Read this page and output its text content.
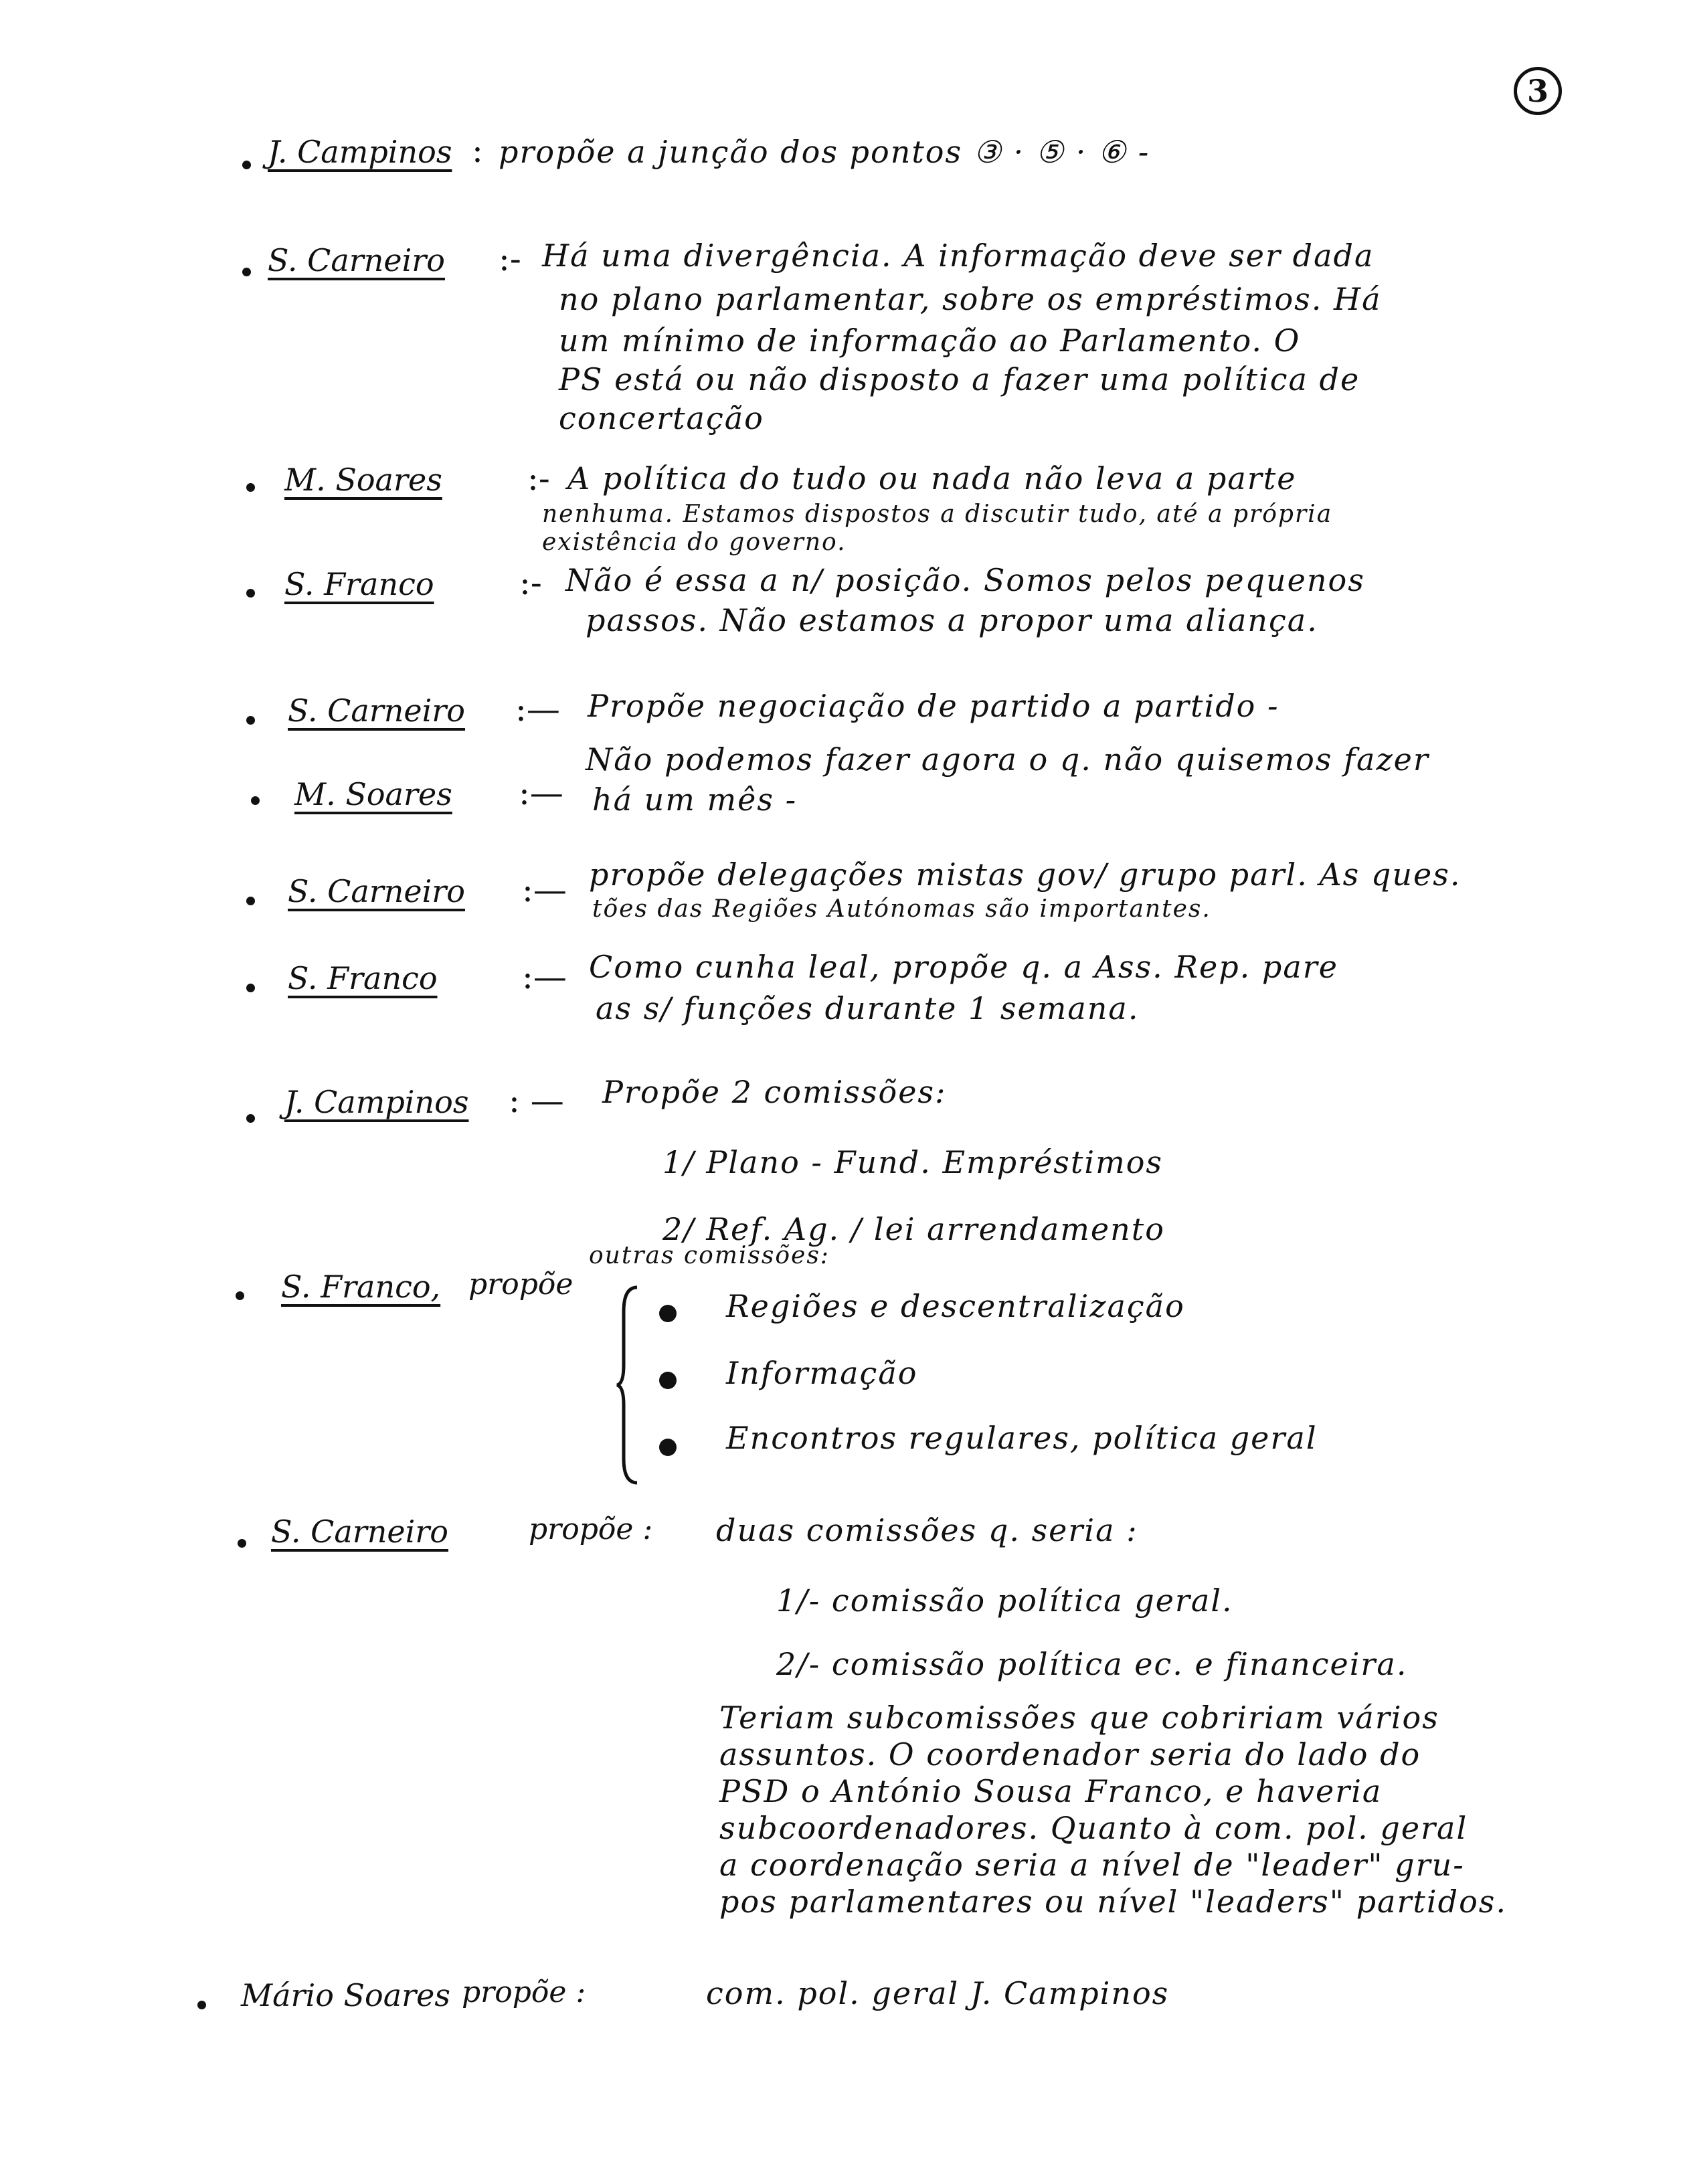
3
J. Campinos : propõe a junção dos pontos ③ · ⑤ · ⑥ -
S. Carneiro :- Há uma divergência. A informação deve ser dada
no plano parlamentar, sobre os empréstimos. Há
um mínimo de informação ao Parlamento. O
PS está ou não disposto a fazer uma política de
concertação
M. Soares	:- A política do tudo ou nada não leva a parte
nenhuma. Estamos dispostos a discutir tudo, até a própria
existência do governo.
S. Franco	:- Não é essa a n/ posição. Somos pelos pequenos
passos. Não estamos a propor uma aliança.
S. Carneiro :— Propõe negociação de partido a partido -
M. Soares :—
Não podemos fazer agora o q. não quisemos fazer
há um mês -
S. Carneiro :— propõe delegações mistas gov/ grupo parl. As ques.
tões das Regiões Autónomas são importantes.
S. Franco	:— Como cunha leal, propõe q. a Ass. Rep. pare
as s/ funções durante 1 semana.
J. Campinos : — Propõe 2 comissões:
1/ Plano - Fund. Empréstimos
2/ Ref. Ag. / lei arrendamento
S. Franco, propõe
outras comissões:
Regiões e descentralização
Informação
Encontros regulares, política geral
S. Carneiro	propõe : duas comissões q. seria :
1/- comissão política geral.
2/- comissão política ec. e financeira.
Teriam subcomissões que cobririam vários
assuntos. O coordenador seria do lado do
PSD o António Sousa Franco, e haveria
subcoordenadores. Quanto à com. pol. geral
a coordenação seria a nível de "leader" gru-
pos parlamentares ou nível "leaders" partidos.
Mário Soares propõe :	com. pol. geral J. Campinos
